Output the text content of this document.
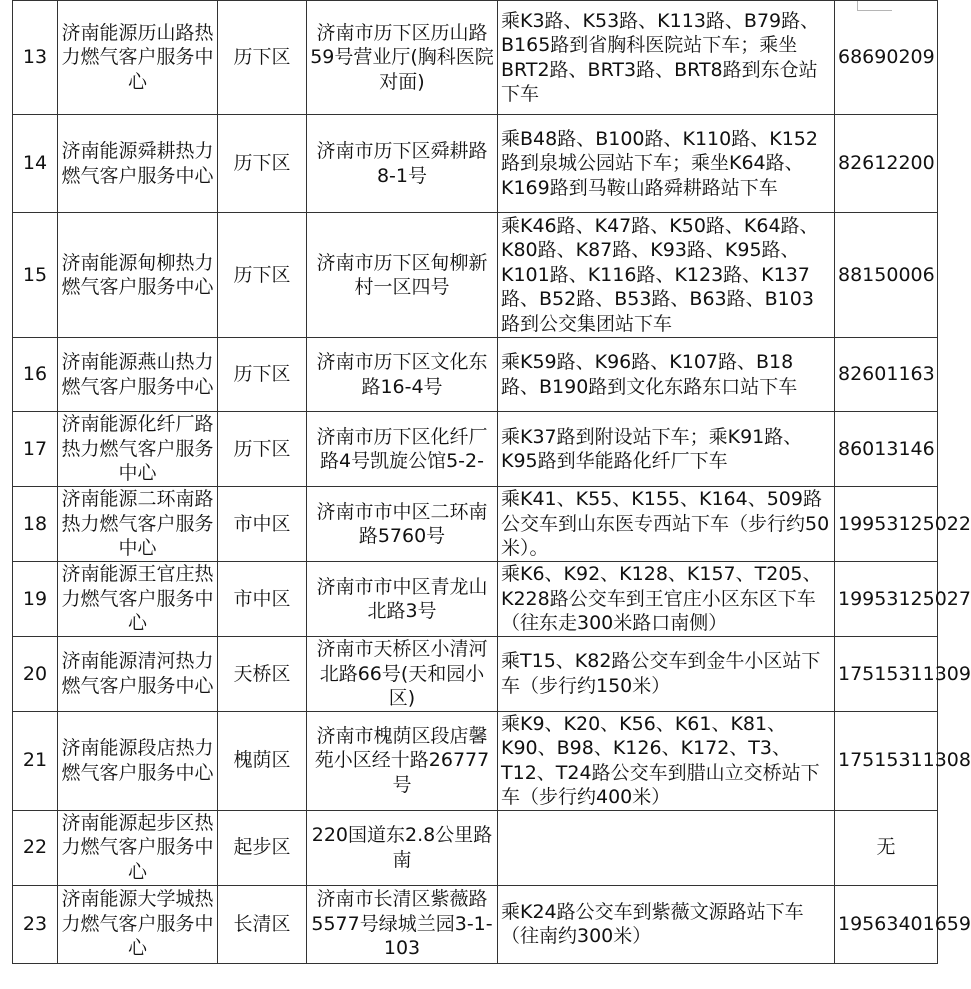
13	济南能源历山路热力燃气客户服务中心	历下区	济南市历下区历山路59号营业厅(胸科医院对面)	乘K3路、K53路、K113路、B79路、B165路到省胸科医院站下车；乘坐BRT2路、BRT3路、BRT8路到东仓站下车	68690209
14	济南能源舜耕热力燃气客户服务中心	历下区	济南市历下区舜耕路8-1号	乘B48路、B100路、K110路、K152路到泉城公园站下车；乘坐K64路、K169路到马鞍山路舜耕路站下车	82612200
15	济南能源甸柳热力燃气客户服务中心	历下区	济南市历下区甸柳新村一区四号	乘K46路、K47路、K50路、K64路、K80路、K87路、K93路、K95路、K101路、K116路、K123路、K137路、B52路、B53路、B63路、B103路到公交集团站下车	88150006
16	济南能源燕山热力燃气客户服务中心	历下区	济南市历下区文化东路16-4号	乘K59路、K96路、K107路、B18路、B190路到文化东路东口站下车	82601163
17	济南能源化纤厂路热力燃气客户服务中心	历下区	济南市历下区化纤厂路4号凯旋公馆5-2-	乘K37路到附设站下车；乘K91路、K95路到华能路化纤厂下车	86013146
18	济南能源二环南路热力燃气客户服务中心	市中区	济南市市中区二环南路5760号	乘K41、K55、K155、K164、509路公交车到山东医专西站下车（步行约50米）。	19953125022
19	济南能源王官庄热力燃气客户服务中心	市中区	济南市市中区青龙山北路3号	乘K6、K92、K128、K157、T205、K228路公交车到王官庄小区东区下车（往东走300米路口南侧）	19953125027
20	济南能源清河热力燃气客户服务中心	天桥区	济南市天桥区小清河北路66号(天和园小区)	乘T15、K82路公交车到金牛小区站下车（步行约150米）	17515311309
21	济南能源段店热力燃气客户服务中心	槐荫区	济南市槐荫区段店馨苑小区经十路26777号	乘K9、K20、K56、K61、K81、K90、B98、K126、K172、T3、T12、T24路公交车到腊山立交桥站下车（步行约400米）	17515311308
22	济南能源起步区热力燃气客户服务中心	起步区	220国道东2.8公里路南		无
23	济南能源大学城热力燃气客户服务中心	长清区	济南市长清区紫薇路5577号绿城兰园3-1-103	乘K24路公交车到紫薇文源路站下车（往南约300米）	19563401659
